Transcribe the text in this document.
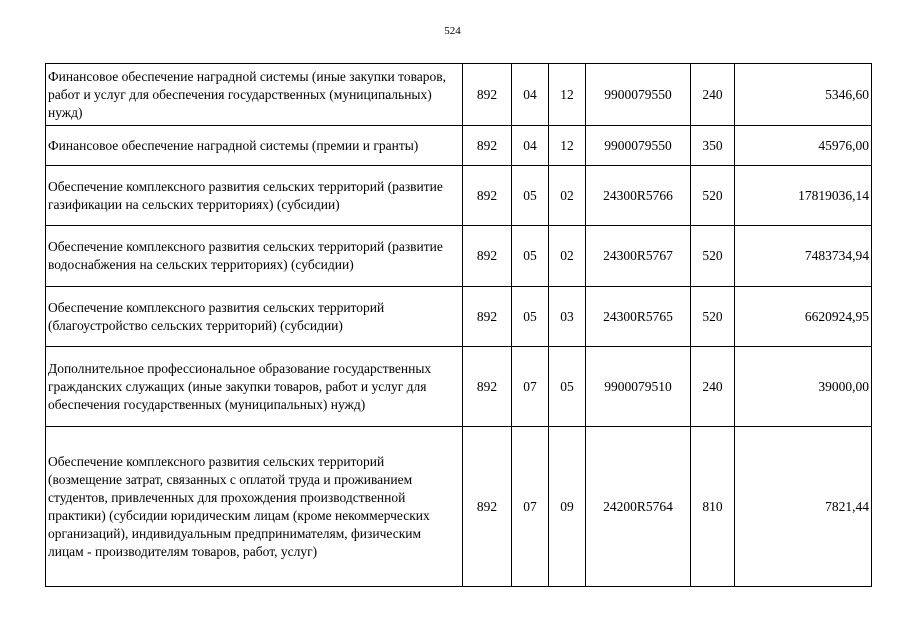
524
Финансовое обеспечение наградной системы (иные закупки товаров, работ и услуг для обеспечения государственных (муниципальных) нужд)	892	04	12	9900079550	240	5346,60
Финансовое обеспечение наградной системы (премии и гранты)	892	04	12	9900079550	350	45976,00
Обеспечение комплексного развития сельских территорий (развитие газификации на сельских территориях) (субсидии)	892	05	02	24300R5766	520	17819036,14
Обеспечение комплексного развития сельских территорий (развитие водоснабжения на сельских территориях) (субсидии)	892	05	02	24300R5767	520	7483734,94
Обеспечение комплексного развития сельских территорий (благоустройство сельских территорий) (субсидии)	892	05	03	24300R5765	520	6620924,95
Дополнительное профессиональное образование государственных гражданских служащих (иные закупки товаров, работ и услуг для обеспечения государственных (муниципальных) нужд)	892	07	05	9900079510	240	39000,00
Обеспечение комплексного развития сельских территорий (возмещение затрат, связанных с оплатой труда и проживанием студентов, привлеченных для прохождения производственной практики) (субсидии юридическим лицам (кроме некоммерческих организаций), индивидуальным предпринимателям, физическим лицам - производителям товаров, работ, услуг)	892	07	09	24200R5764	810	7821,44
